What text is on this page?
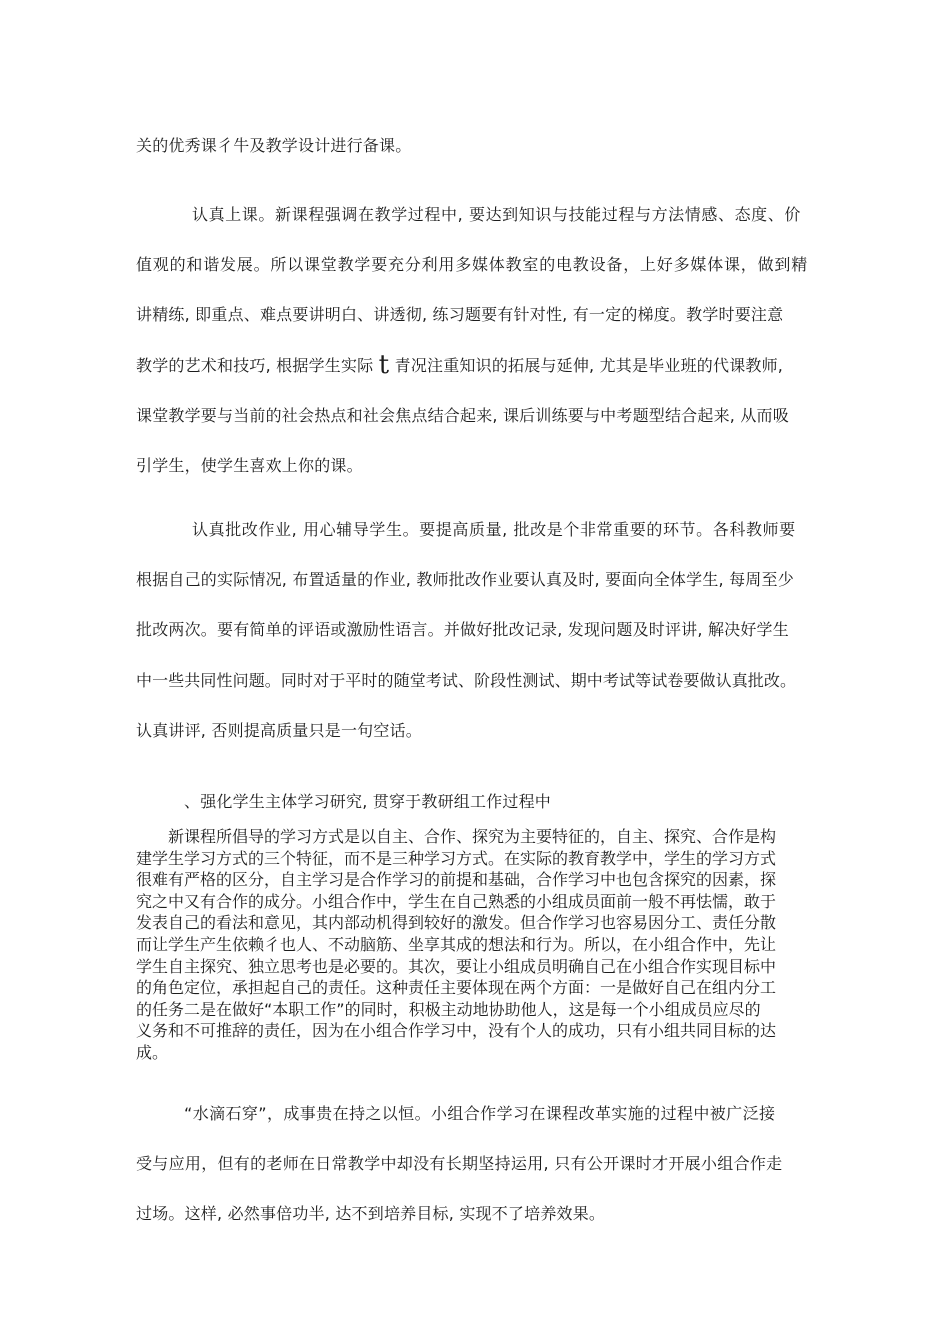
关的优秀课彳牛及教学设计进行备课。
认真上课。新课程强调在教学过程中, 要达到知识与技能过程与方法情感、态度、价
值观的和谐发展。所以课堂教学要充分利用多媒体教室的电教设备，上好多媒体课，做到精
讲精练, 即重点、难点要讲明白、讲透彻, 练习题要有针对性, 有一定的梯度。教学时要注意
教学的艺术和技巧, 根据学生实际 t 青况注重知识的拓展与延伸, 尤其是毕业班的代课教师,
课堂教学要与当前的社会热点和社会焦点结合起来, 课后训练要与中考题型结合起来, 从而吸
引学生，使学生喜欢上你的课。
认真批改作业, 用心辅导学生。要提高质量, 批改是个非常重要的环节。各科教师要
根据自己的实际情况, 布置适量的作业, 教师批改作业要认真及时, 要面向全体学生, 每周至少
批改两次。要有简单的评语或激励性语言。并做好批改记录, 发现问题及时评讲, 解决好学生
中一些共同性问题。同时对于平时的随堂考试、阶段性测试、期中考试等试卷要做认真批改。
认真讲评, 否则提高质量只是一句空话。
、强化学生主体学习研究, 贯穿于教研组工作过程中
新课程所倡导的学习方式是以自主、合作、探究为主要特征的，自主、探究、合作是构
建学生学习方式的三个特征，而不是三种学习方式。在实际的教育教学中，学生的学习方式
很难有严格的区分，自主学习是合作学习的前提和基础，合作学习中也包含探究的因素，探
究之中又有合作的成分。小组合作中，学生在自己熟悉的小组成员面前一般不再怯懦，敢于
发表自己的看法和意见，其内部动机得到较好的激发。但合作学习也容易因分工、责任分散
而让学生产生依赖彳也人、不动脑筋、坐享其成的想法和行为。所以，在小组合作中，先让
学生自主探究、独立思考也是必要的。其次，要让小组成员明确自己在小组合作实现目标中
的角色定位，承担起自己的责任。这种责任主要体现在两个方面：一是做好自己在组内分工
的任务二是在做好“本职工作”的同时，积极主动地协助他人，这是每一个小组成员应尽的
义务和不可推辞的责任，因为在小组合作学习中，没有个人的成功，只有小组共同目标的达
成。
“水滴石穿”，成事贵在持之以恒。小组合作学习在课程改革实施的过程中被广泛接
受与应用，但有的老师在日常教学中却没有长期坚持运用, 只有公开课时才开展小组合作走
过场。这样, 必然事倍功半, 达不到培养目标, 实现不了培养效果。
